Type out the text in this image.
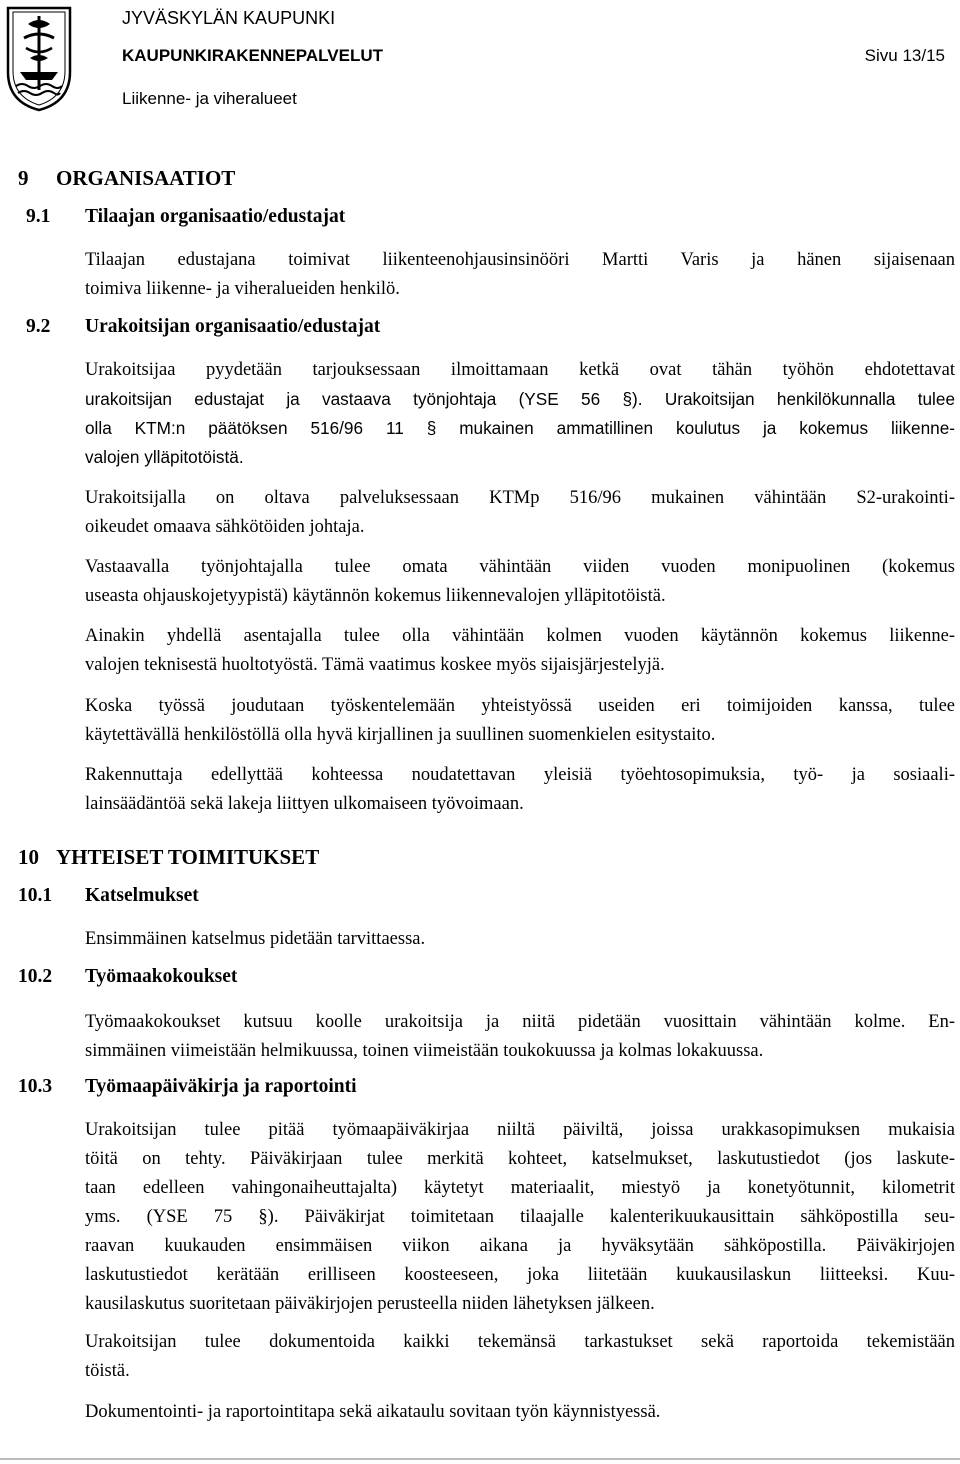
JYVÄSKYLÄN KAUPUNKI
KAUPUNKIRAKENNEPALVELUT
Liikenne- ja viheralueet
Sivu 13/15
9 ORGANISAATIOT
9.1 Tilaajan organisaatio/edustajat
Tilaajan edustajana toimivat liikenteenohjausinsinööri Martti Varis ja hänen sijaisenaan
toimiva liikenne- ja viheralueiden henkilö.
9.2 Urakoitsijan organisaatio/edustajat
Urakoitsijaa pyydetään tarjouksessaan ilmoittamaan ketkä ovat tähän työhön ehdotettavat
urakoitsijan edustajat ja vastaava työnjohtaja (YSE 56 §). Urakoitsijan henkilökunnalla tulee
olla KTM:n päätöksen 516/96 11 § mukainen ammatillinen koulutus ja kokemus liikenne-
valojen ylläpitotöistä.
Urakoitsijalla on oltava palveluksessaan KTMp 516/96 mukainen vähintään S2-urakointi-
oikeudet omaava sähkötöiden johtaja.
Vastaavalla työnjohtajalla tulee omata vähintään viiden vuoden monipuolinen (kokemus
useasta ohjauskojetyypistä) käytännön kokemus liikennevalojen ylläpitotöistä.
Ainakin yhdellä asentajalla tulee olla vähintään kolmen vuoden käytännön kokemus liikenne-
valojen teknisestä huoltotyöstä. Tämä vaatimus koskee myös sijaisjärjestelyjä.
Koska työssä joudutaan työskentelemään yhteistyössä useiden eri toimijoiden kanssa, tulee
käytettävällä henkilöstöllä olla hyvä kirjallinen ja suullinen suomenkielen esitystaito.
Rakennuttaja edellyttää kohteessa noudatettavan yleisiä työehtosopimuksia, työ- ja sosiaali-
lainsäädäntöä sekä lakeja liittyen ulkomaiseen työvoimaan.
10 YHTEISET TOIMITUKSET
10.1 Katselmukset
Ensimmäinen katselmus pidetään tarvittaessa.
10.2 Työmaakokoukset
Työmaakokoukset kutsuu koolle urakoitsija ja niitä pidetään vuosittain vähintään kolme. En-
simmäinen viimeistään helmikuussa, toinen viimeistään toukokuussa ja kolmas lokakuussa.
10.3 Työmaapäiväkirja ja raportointi
Urakoitsijan tulee pitää työmaapäiväkirjaa niiltä päiviltä, joissa urakkasopimuksen mukaisia
töitä on tehty. Päiväkirjaan tulee merkitä kohteet, katselmukset, laskutustiedot (jos laskute-
taan edelleen vahingonaiheuttajalta) käytetyt materiaalit, miestyö ja konetyötunnit, kilometrit
yms. (YSE 75 §). Päiväkirjat toimitetaan tilaajalle kalenterikuukausittain sähköpostilla seu-
raavan kuukauden ensimmäisen viikon aikana ja hyväksytään sähköpostilla. Päiväkirjojen
laskutustiedot kerätään erilliseen koosteeseen, joka liitetään kuukausilaskun liitteeksi. Kuu-
kausilaskutus suoritetaan päiväkirjojen perusteella niiden lähetyksen jälkeen.
Urakoitsijan tulee dokumentoida kaikki tekemänsä tarkastukset sekä raportoida tekemistään
töistä.
Dokumentointi- ja raportointitapa sekä aikataulu sovitaan työn käynnistyessä.
